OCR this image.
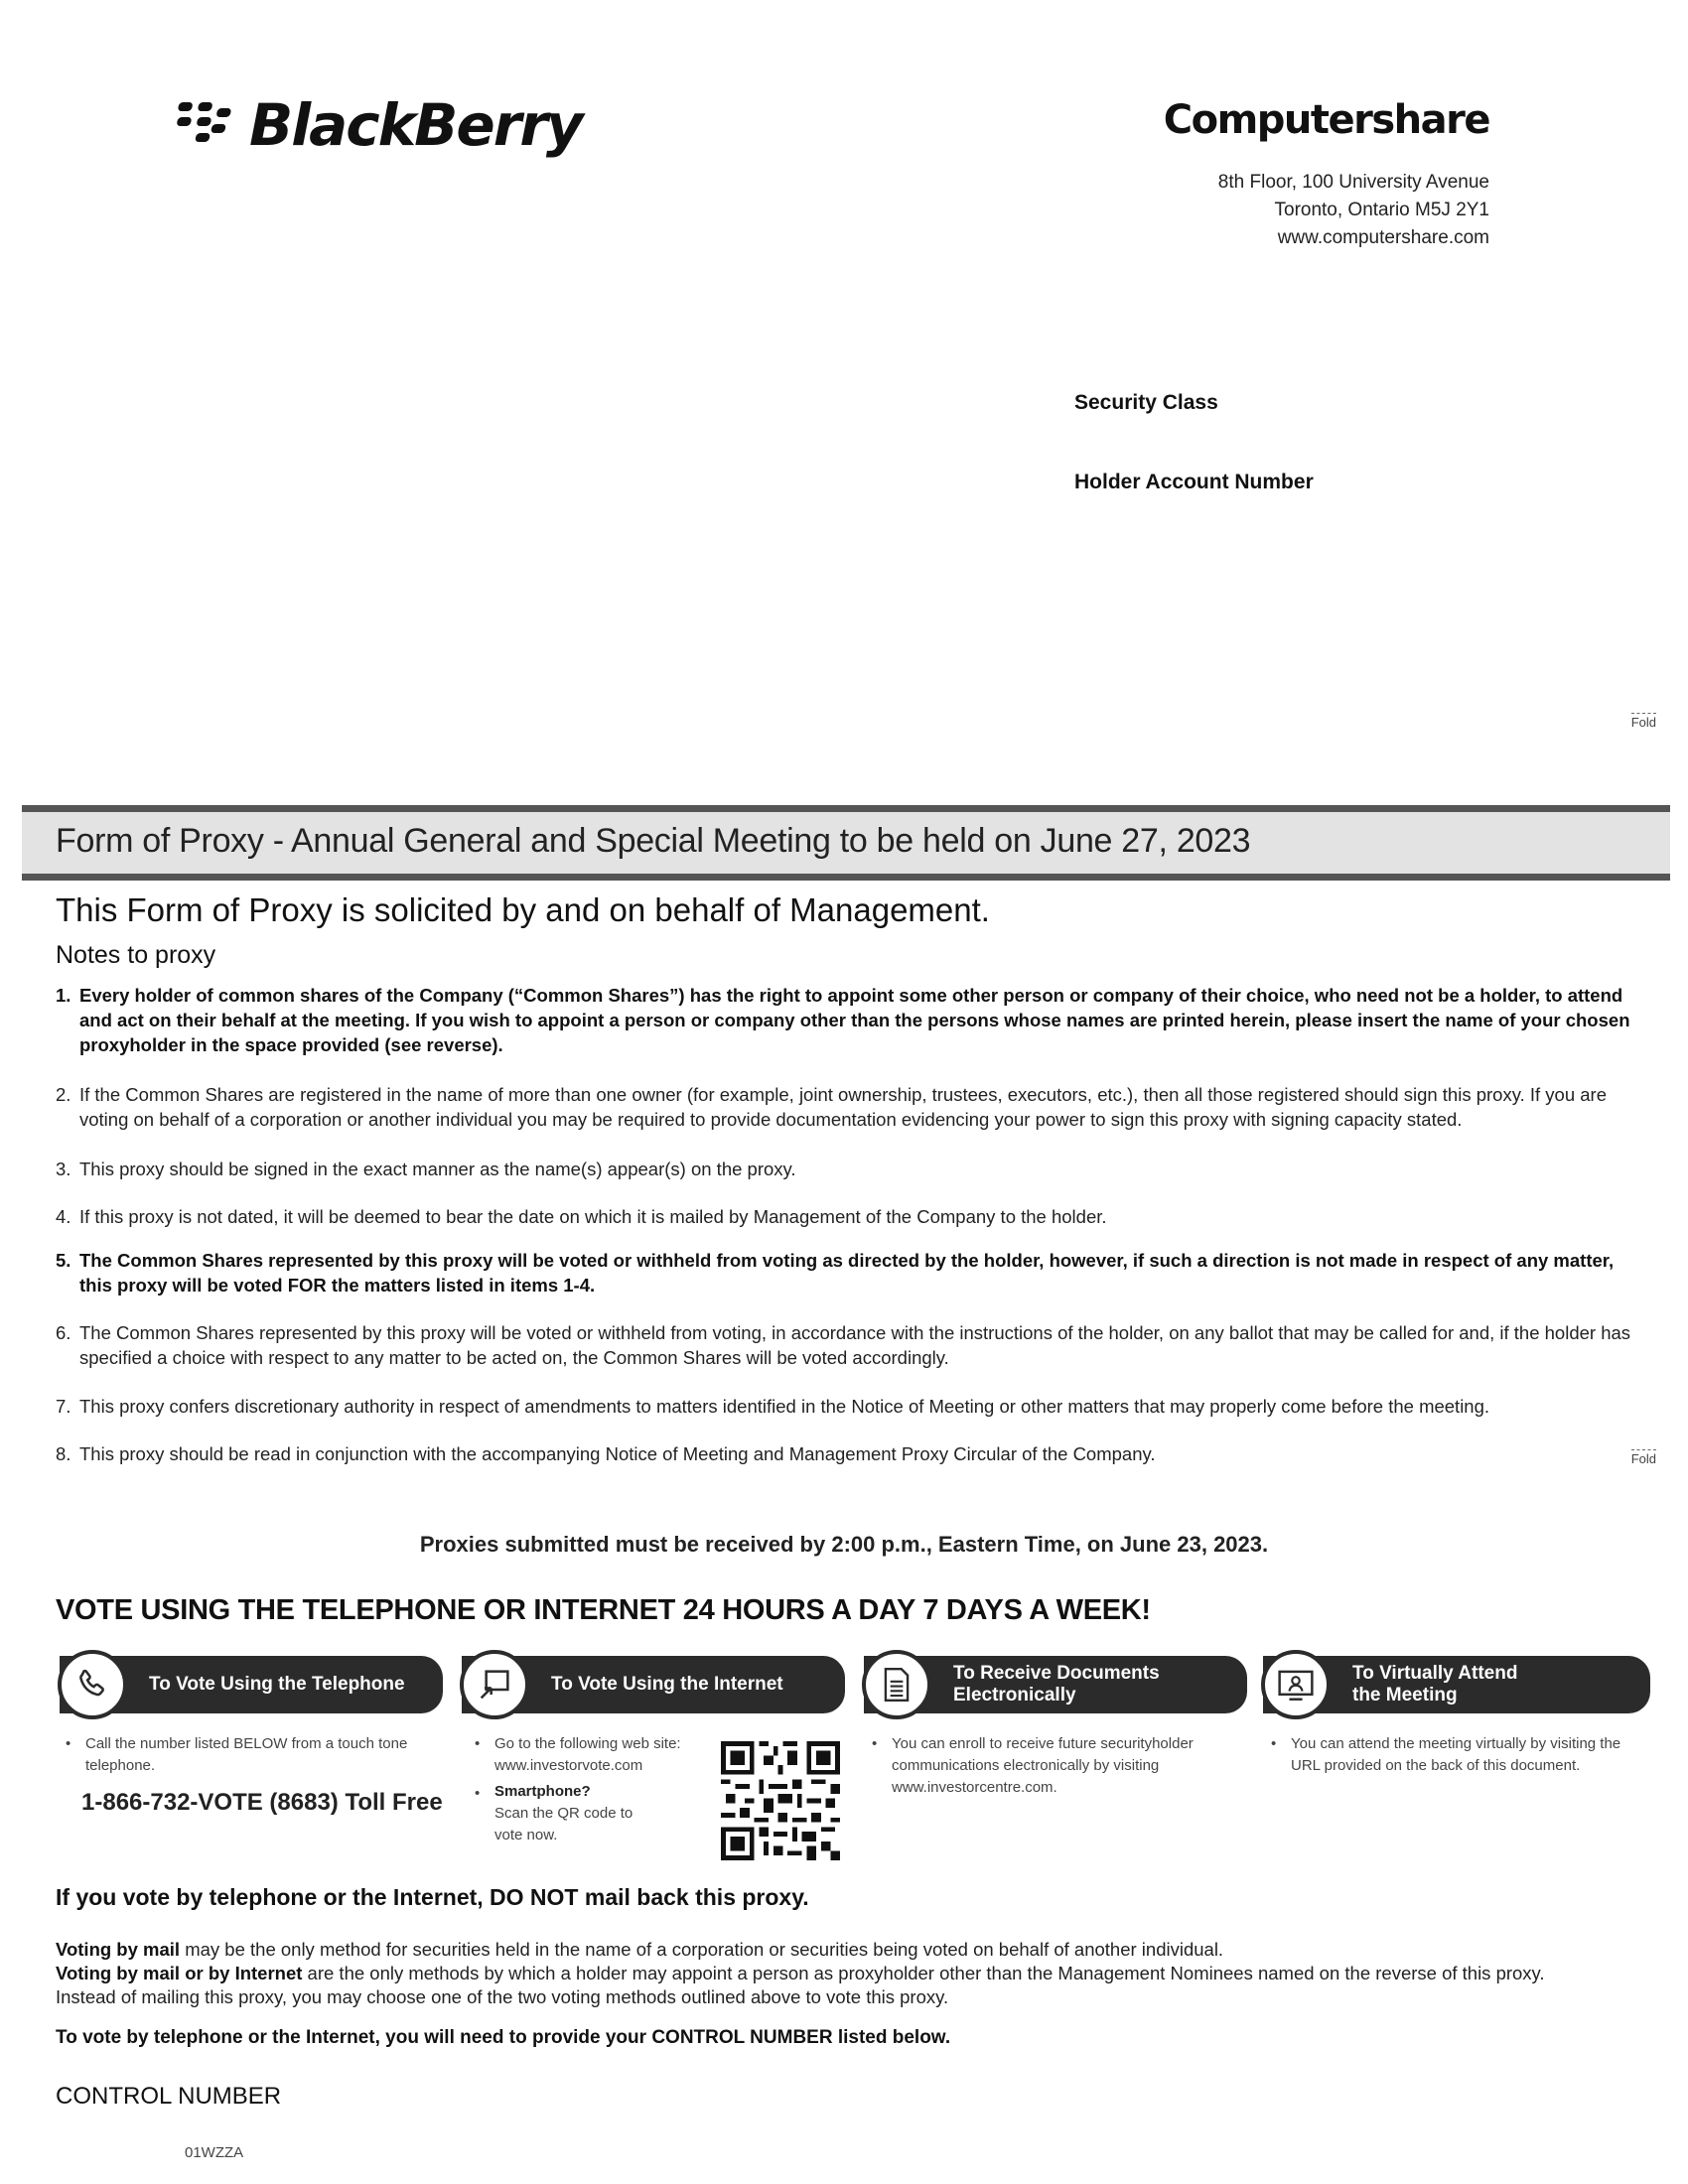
BlackBerry	Computershare
8th Floor, 100 University Avenue
Toronto, Ontario M5J 2Y1
www.computershare.com
Security Class
Holder Account Number
Fold
Form of Proxy - Annual General and Special Meeting to be held on June 27, 2023
This Form of Proxy is solicited by and on behalf of Management.
Notes to proxy
1. Every holder of common shares of the Company (“Common Shares”) has the right to appoint some other person or company of their choice, who need not be a holder, to attend and act on their behalf at the meeting. If you wish to appoint a person or company other than the persons whose names are printed herein, please insert the name of your chosen proxyholder in the space provided (see reverse).
2. If the Common Shares are registered in the name of more than one owner (for example, joint ownership, trustees, executors, etc.), then all those registered should sign this proxy. If you are voting on behalf of a corporation or another individual you may be required to provide documentation evidencing your power to sign this proxy with signing capacity stated.
3. This proxy should be signed in the exact manner as the name(s) appear(s) on the proxy.
4. If this proxy is not dated, it will be deemed to bear the date on which it is mailed by Management of the Company to the holder.
5. The Common Shares represented by this proxy will be voted or withheld from voting as directed by the holder, however, if such a direction is not made in respect of any matter, this proxy will be voted FOR the matters listed in items 1-4.
6. The Common Shares represented by this proxy will be voted or withheld from voting, in accordance with the instructions of the holder, on any ballot that may be called for and, if the holder has specified a choice with respect to any matter to be acted on, the Common Shares will be voted accordingly.
7. This proxy confers discretionary authority in respect of amendments to matters identified in the Notice of Meeting or other matters that may properly come before the meeting.
8. This proxy should be read in conjunction with the accompanying Notice of Meeting and Management Proxy Circular of the Company.	Fold
Proxies submitted must be received by 2:00 p.m., Eastern Time, on June 23, 2023.
VOTE USING THE TELEPHONE OR INTERNET 24 HOURS A DAY 7 DAYS A WEEK!
To Vote Using the Telephone	To Vote Using the Internet
To Receive Documents Electronically
To Virtually Attend the Meeting
• Call the number listed BELOW from a touch tone telephone.
1-866-732-VOTE (8683) Toll Free
• Go to the following web site: www.investorvote.com
• Smartphone?
Scan the QR code to vote now.
• You can enroll to receive future securityholder communications electronically by visiting www.investorcentre.com.
• You can attend the meeting virtually by visiting the URL provided on the back of this document.
If you vote by telephone or the Internet, DO NOT mail back this proxy.
Voting by mail may be the only method for securities held in the name of a corporation or securities being voted on behalf of another individual.
Voting by mail or by Internet are the only methods by which a holder may appoint a person as proxyholder other than the Management Nominees named on the reverse of this proxy.
Instead of mailing this proxy, you may choose one of the two voting methods outlined above to vote this proxy.
To vote by telephone or the Internet, you will need to provide your CONTROL NUMBER listed below.
CONTROL NUMBER
01WZZA
